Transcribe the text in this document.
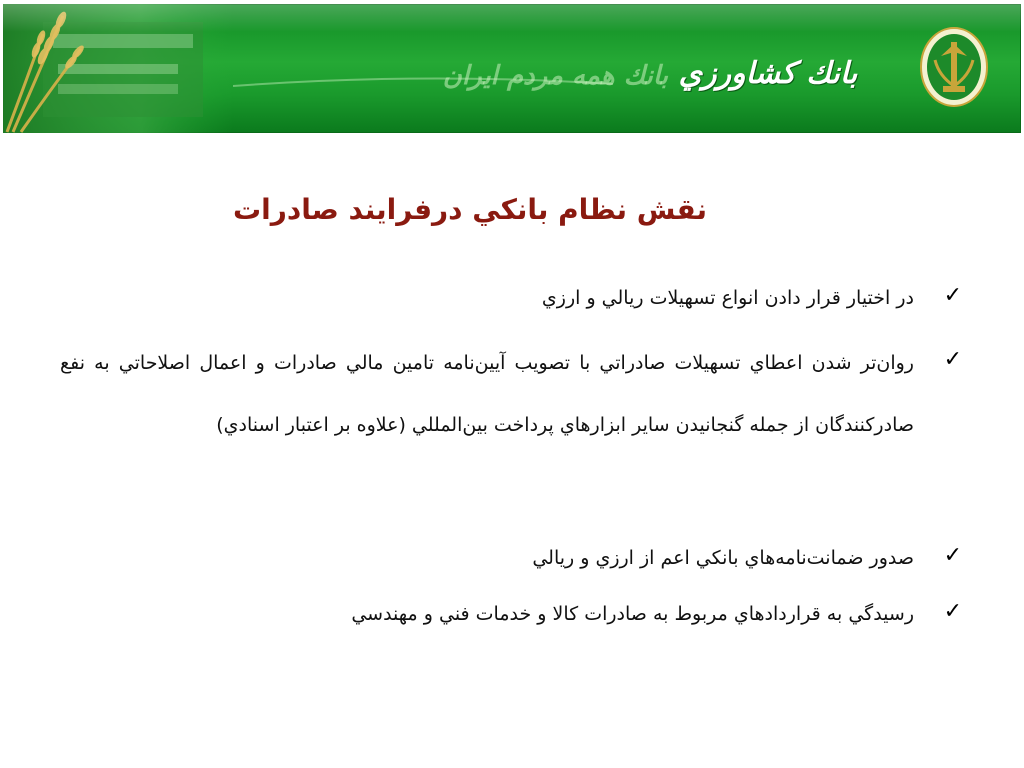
بانك همه مردم ايران بانك كشاورزي
نقش نظام بانكي درفرايند صادرات
✓
در اختيار قرار دادن انواع تسهيلات ريالي و ارزي
✓
روان‌تر شدن اعطاي تسهيلات صادراتي با تصويب آيين‌نامه تامين مالي صادرات و اعمال اصلاحاتي به نفع صادركنندگان از جمله گنجانيدن ساير ابزارهاي پرداخت بين‌المللي (علاوه بر اعتبار اسنادي)
✓
صدور ضمانت‌نامه‌هاي بانكي اعم از ارزي و ريالي
✓
رسيدگي به قراردادهاي مربوط به صادرات كالا و خدمات فني و مهندسي
